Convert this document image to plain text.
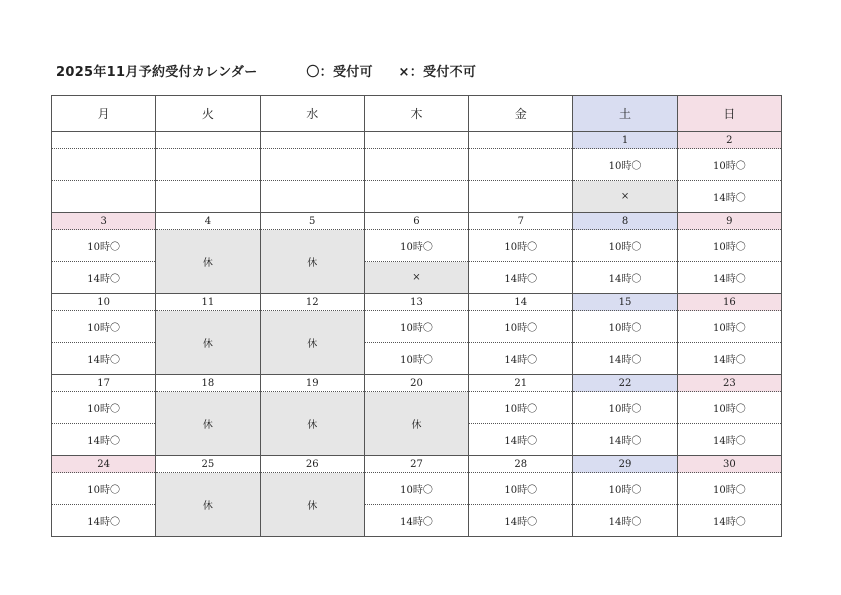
2025年11月予約受付カレンダー	〇：受付可 ×：受付不可
月	火	水	木	金	土	日
					1	2
					10時〇	10時〇
					×	14時〇
3	4	5	6	7	8	9
10時〇	休	休	10時〇	10時〇	10時〇	10時〇
14時〇			×	14時〇	14時〇	14時〇
10	11	12	13	14	15	16
10時〇	休	休	10時〇	10時〇	10時〇	10時〇
14時〇			10時〇	14時〇	14時〇	14時〇
17	18	19	20	21	22	23
10時〇	休	休	休	10時〇	10時〇	10時〇
14時〇				14時〇	14時〇	14時〇
24	25	26	27	28	29	30
10時〇	休	休	10時〇	10時〇	10時〇	10時〇
14時〇			14時〇	14時〇	14時〇	14時〇
